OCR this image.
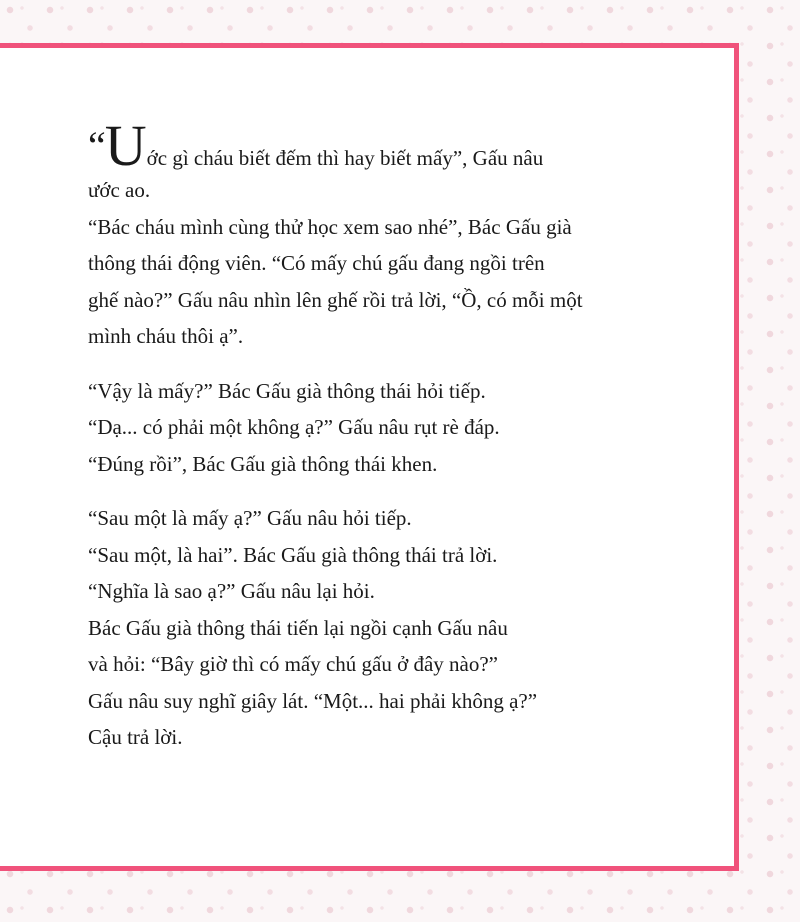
“Uớc gì cháu biết đếm thì hay biết mấy”, Gấu nâu
ước ao.
“Bác cháu mình cùng thử học xem sao nhé”, Bác Gấu già
thông thái động viên. “Có mấy chú gấu đang ngồi trên
ghế nào?” Gấu nâu nhìn lên ghế rồi trả lời, “Ồ, có mỗi một
mình cháu thôi ạ”.
“Vậy là mấy?” Bác Gấu già thông thái hỏi tiếp.
“Dạ... có phải một không ạ?” Gấu nâu rụt rè đáp.
“Đúng rồi”, Bác Gấu già thông thái khen.
“Sau một là mấy ạ?” Gấu nâu hỏi tiếp.
“Sau một, là hai”. Bác Gấu già thông thái trả lời.
“Nghĩa là sao ạ?” Gấu nâu lại hỏi.
Bác Gấu già thông thái tiến lại ngồi cạnh Gấu nâu
và hỏi: “Bây giờ thì có mấy chú gấu ở đây nào?”
Gấu nâu suy nghĩ giây lát. “Một... hai phải không ạ?”
Cậu trả lời.
